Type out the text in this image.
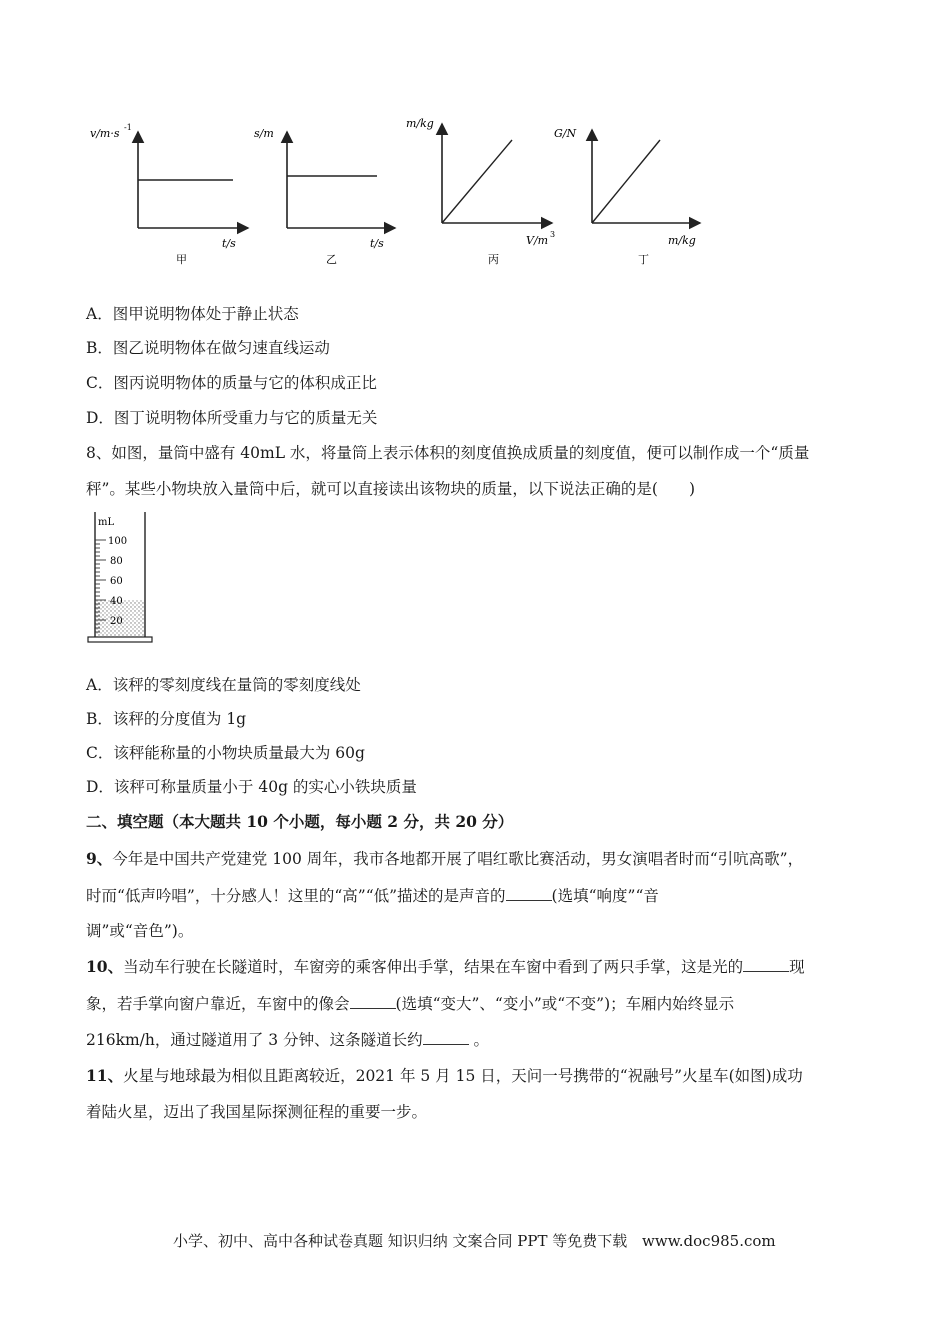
v/m·s -1
t/s
甲
s/m
t/s
乙
m/kg
V/m 3
丙
G/N
m/kg
丁
A．图甲说明物体处于静止状态
B．图乙说明物体在做匀速直线运动
C．图丙说明物体的质量与它的体积成正比
D．图丁说明物体所受重力与它的质量无关
8、如图，量筒中盛有 40mL 水，将量筒上表示体积的刻度值换成质量的刻度值，便可以制作成一个“质量
秤”。某些小物块放入量筒中后，就可以直接读出该物块的质量，以下说法正确的是(　　)
mL
100
80
60
40
20
A．该秤的零刻度线在量筒的零刻度线处
B．该秤的分度值为 1g
C．该秤能称量的小物块质量最大为 60g
D．该秤可称量质量小于 40g 的实心小铁块质量
二、填空题（本大题共 10 个小题，每小题 2 分，共 20 分）
9、今年是中国共产党建党 100 周年，我市各地都开展了唱红歌比赛活动，男女演唱者时而“引吭高歌”，
时而“低声吟唱”，十分感人！这里的“高”“低”描述的是声音的	(选填“响度”“音
调”或“音色”)。
10、当动车行驶在长隧道时，车窗旁的乘客伸出手掌，结果在车窗中看到了两只手掌，这是光的	现
象，若手掌向窗户靠近，车窗中的像会	(选填“变大”、“变小”或“不变”)；车厢内始终显示
216km/h，通过隧道用了 3 分钟、这条隧道长约	。
11、火星与地球最为相似且距离较近，2021 年 5 月 15 日，天问一号携带的“祝融号”火星车(如图)成功
着陆火星，迈出了我国星际探测征程的重要一步。
小学、初中、高中各种试卷真题 知识归纳 文案合同 PPT 等免费下载 www.doc985.com
